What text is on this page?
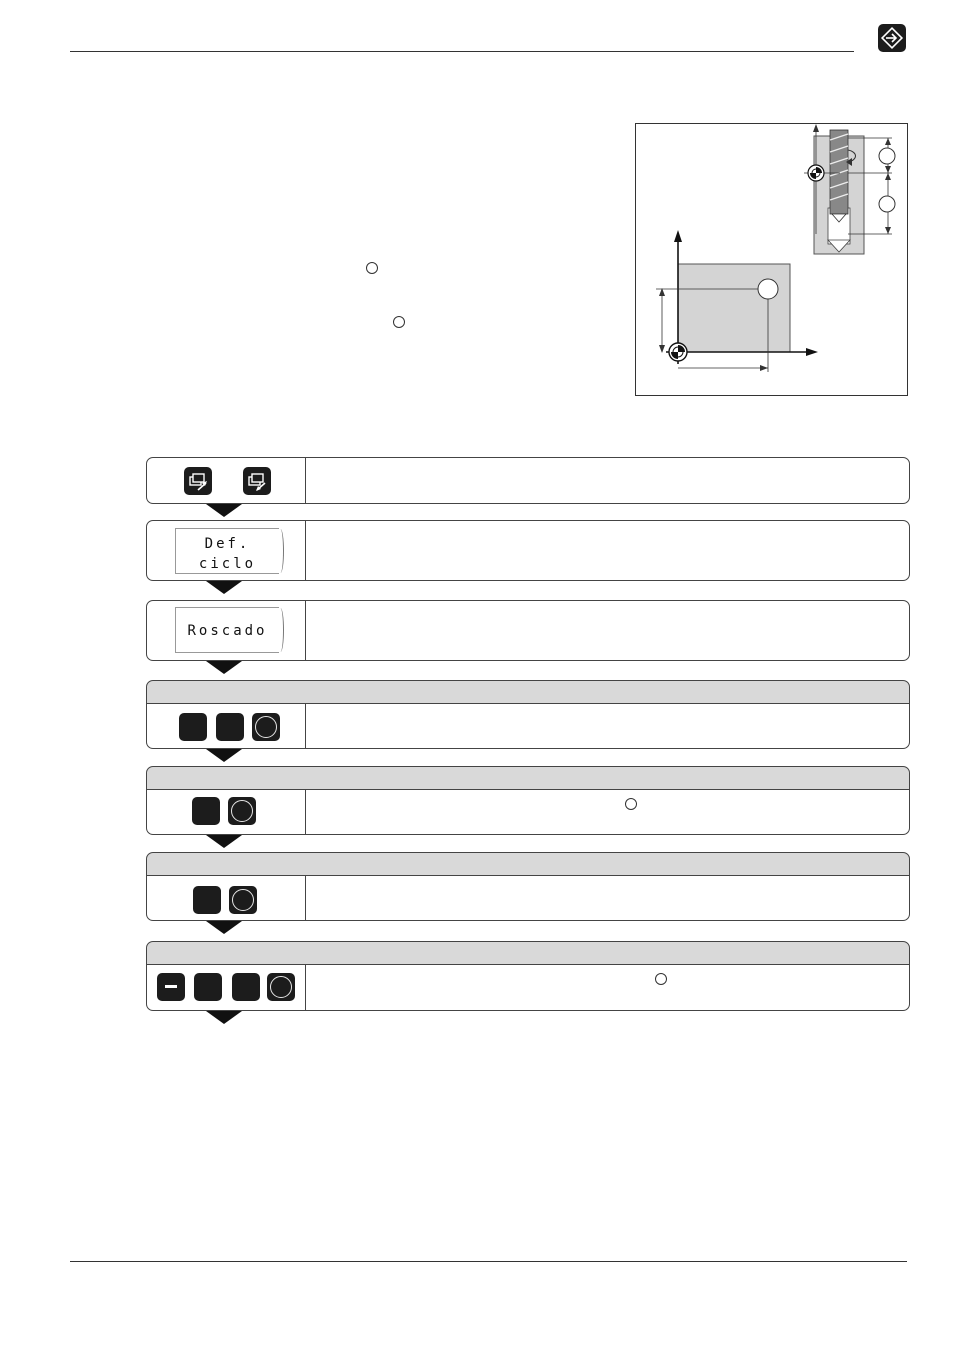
Def.
ciclo
Roscado
